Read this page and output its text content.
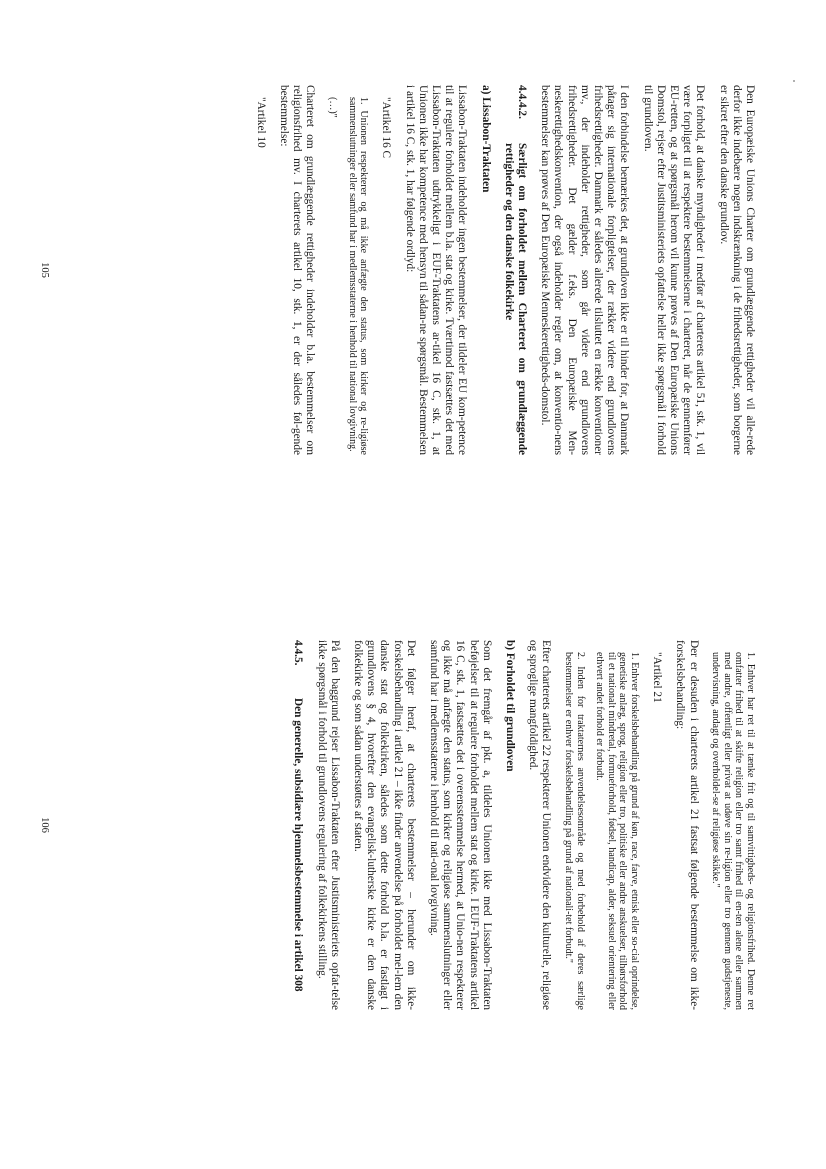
Den Europæiske Unions Charter om grundlæggende rettigheder vil alle-rede derfor ikke indebære nogen indskrænkning i de frihedsrettigheder, som borgerne er sikret efter den danske grundlov.

Det forhold, at danske myndigheder i medfør af charterets artikel 51, stk. 1, vil være forpligtet til at respektere bestemmelserne i charteret, når de gennemfører EU-retten, og at spørgsmål herom vil kunne prøves af Den Europæiske Unions Domstol, rejser efter Justitsministeriets opfattelse heller ikke spørgsmål i forhold til grundloven.

I den forbindelse bemærkes det, at grundloven ikke er til hinder for, at Danmark påtager sig internationale forpligtelser, der rækker videre end grundlovens frihedsrettigheder. Danmark er således allerede tilsluttet en række konventioner mv., der indeholder rettigheder, som går videre end grundlovens frihedsrettigheder. Det gælder f.eks. Den Europæiske Men-neskerettighedskonvention, der også indeholder regler om, at konventio-nens bestemmelser kan prøves af Den Europæiske Menneskerettigheds-domstol.

4.4.4.2.
Særligt om forholdet mellem Charteret om grundlæggende rettigheder og den danske folkekirke
a) Lissabon-Traktaten

Lissabon-Traktaten indeholder ingen bestemmelser, der tildeler EU kom-petence til at regulere forholdet mellem b.la. stat og kirke. Tværtimod fastsættes det med Lissabon-Traktaten udtrykkeligt i EUF-Traktatens ar-tikel 16 C, stk. 1, at Unionen ikke har kompetence med hensyn til sådan-ne spørgsmål. Bestemmelsen i artikel 16 C, stk. 1, har følgende ordlyd:

"Artikel 16 C

1. Unionen respekterer og må ikke anfægte den status, som kirker og re-ligiøse sammenslutninger eller samfund har i medlemsstaterne i henhold til national lovgivning.

(…)"

Charteret om grundlæggende rettigheder indeholder b.la. bestemmelser om religionsfrihed mv. I charterets artikel 10, stk. 1, er der således føl-gende bestemmelse:

"Artikel 10
105

1. Enhver har ret til at tænke frit og til samvittigheds- og religionsfrihed. Denne ret omfatter frihed til at skifte religion eller tro samt frihed til en-ten alene eller sammen med andre, offentligt eller privat at udøve sin re-ligion eller tro gennem gudstjeneste, undervisning, andagt og overholdel-se af religiøse skikke."

Der er desuden i charterets artikel 21 fastsat følgende bestemmelse om ikke-forskelsbehandling:

"Artikel 21

1. Enhver forskelsbehandling på grund af køn, race, farve, etnisk eller so-cial oprindelse, genetiske anlæg, sprog, religion eller tro, politiske eller andre anskuelser, tilhørsforhold til et nationalt mindretal, formueforhold, fødsel, handicap, alder, seksuel orientering eller ethvert andet forhold er forbudt.

2. Inden for traktaternes anvendelsesområde og med forbehold af deres særlige bestemmelser er enhver forskelsbehandling på grund af nationali-tet forbudt."

Efter charterets artikel 22 respekterer Unionen endvidere den kulturelle, religiøse og sproglige mangfoldighed.

b) Forholdet til grundloven

Som det fremgår af pkt. a, tildeles Unionen ikke med Lissabon-Traktaten beføjelser til at regulere forholdet mellem stat og kirke. I EUF-Traktatens artikel 16 C, stk. 1, fastsættes det i overensstemmelse hermed, at Unio-nen respekterer og ikke må anfægte den status, som kirker og religiøse sammenslutninger eller samfund har i medlemsstaterne i henhold til nati-onal lovgivning.

Det følger heraf, at charterets bestemmelser – herunder om ikke-forskelsbehandling i artikel 21 – ikke finder anvendelse på forholdet mel-lem den danske stat og folkekirken, således som dette forhold b.la. er fastlagt i grundlovens § 4, hvorefter den evangelisk-lutherske kirke er den danske folkekirke og som sådan understøttes af staten.

På den baggrund rejser Lissabon-Traktaten efter Justitsministeriets opfat-telse ikke spørgsmål i forhold til grundlovens regulering af folkekirkens stilling.

4.4.5.
Den generelle, subsidiære hjemmelsbestemmelse i artikel 308
106
